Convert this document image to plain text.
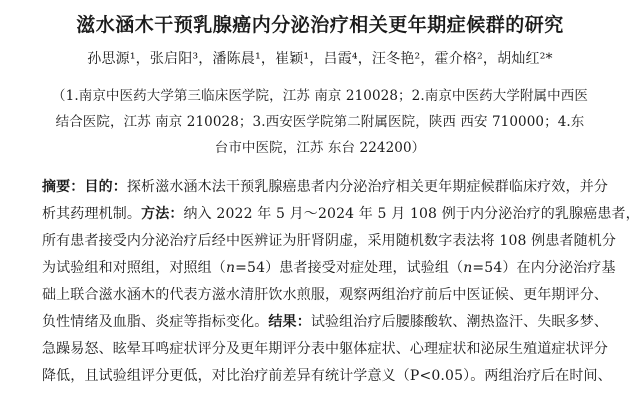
滋水涵木干预乳腺癌内分泌治疗相关更年期症候群的研究
孙思源¹，张启阳³，潘陈晨¹，崔颖¹，吕霞⁴，汪冬艳²，霍介格²，胡灿红²*
（1.南京中医药大学第三临床医学院，江苏 南京 210028；2.南京中医药大学附属中西医
结合医院，江苏 南京 210028；3.西安医学院第二附属医院，陕西 西安 710000；4.东
台市中医院，江苏 东台 224200）
摘要：目的：探析滋水涵木法干预乳腺癌患者内分泌治疗相关更年期症候群临床疗效，并分
析其药理机制。方法：纳入 2022 年 5 月～2024 年 5 月 108 例于内分泌治疗的乳腺癌患者，
所有患者接受内分泌治疗后经中医辨证为肝肾阴虚，采用随机数字表法将 108 例患者随机分
为试验组和对照组，对照组（n=54）患者接受对症处理，试验组（n=54）在内分泌治疗基
础上联合滋水涵木的代表方滋水清肝饮水煎服，观察两组治疗前后中医证候、更年期评分、
负性情绪及血脂、炎症等指标变化。结果：试验组治疗后腰膝酸软、潮热盗汗、失眠多梦、
急躁易怒、眩晕耳鸣症状评分及更年期评分表中躯体症状、心理症状和泌尿生殖道症状评分
降低，且试验组评分更低，对比治疗前差异有统计学意义（P<0.05）。两组治疗后在时间、
